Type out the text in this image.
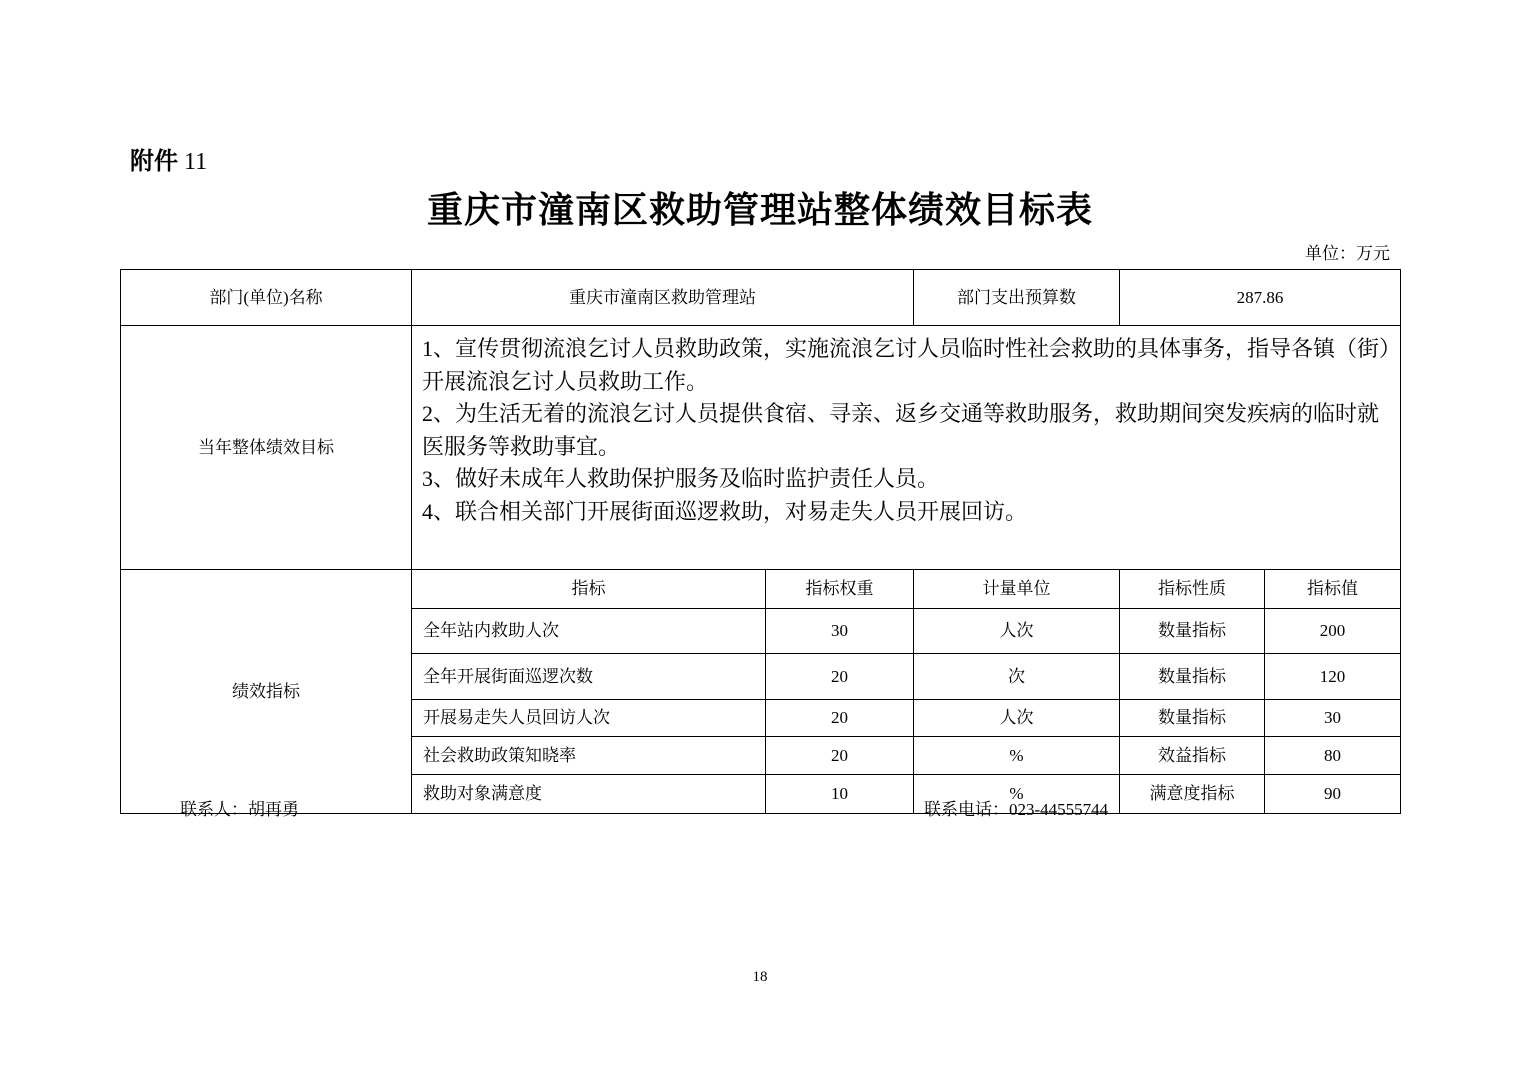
附件 11
重庆市潼南区救助管理站整体绩效目标表
单位：万元
部门(单位)名称	重庆市潼南区救助管理站		部门支出预算数	287.86	
当年整体绩效目标	1、宣传贯彻流浪乞讨人员救助政策，实施流浪乞讨人员临时性社会救助的具体事务，指导各镇（街）开展流浪乞讨人员救助工作。
2、为生活无着的流浪乞讨人员提供食宿、寻亲、返乡交通等救助服务，救助期间突发疾病的临时就医服务等救助事宜。
3、做好未成年人救助保护服务及临时监护责任人员。
4、联合相关部门开展街面巡逻救助，对易走失人员开展回访。				

绩效指标	指标	指标权重	计量单位	指标性质	指标值
	全年站内救助人次	30	人次	数量指标	200
	全年开展街面巡逻次数	20	次	数量指标	120
	开展易走失人员回访人次	20	人次	数量指标	30
	社会救助政策知晓率	20	%	效益指标	80
	救助对象满意度	10	%	满意度指标	90
联系人：胡再勇	联系电话：023-44555744
18
